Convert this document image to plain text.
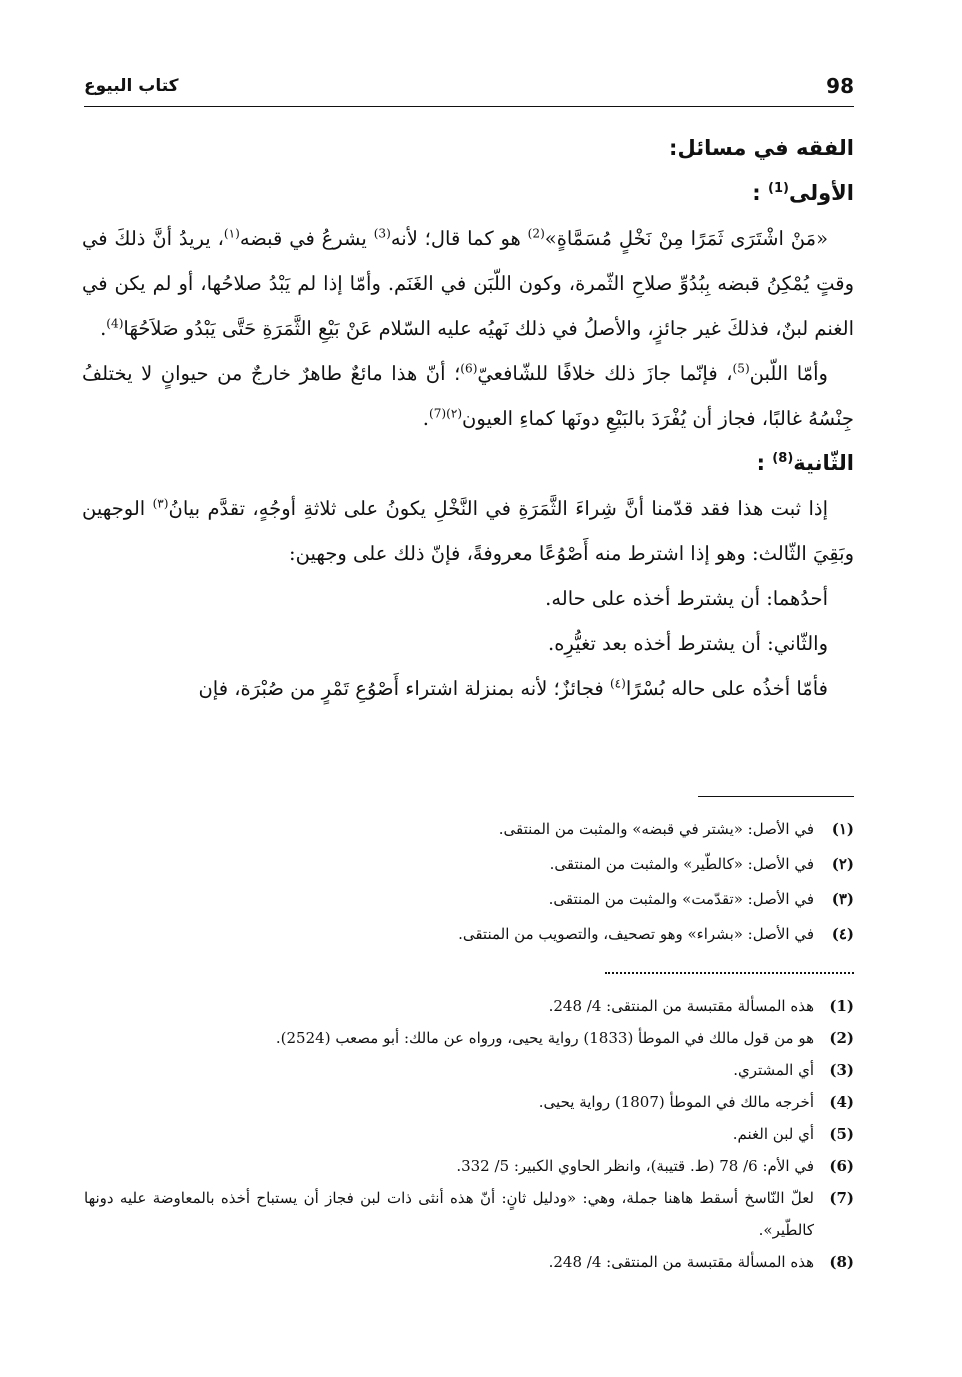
98
كتاب البيوع

الفقه في مسائل:

الأولى$^{(1)}$ :

«مَنْ اشْتَرَى ثَمَرًا مِنْ نَخْلٍ مُسَمَّاةٍ»$^{(2)}$ هو كما قال؛ لأنه$^{(3)}$ يشرعُ في قبضه$^{(١)}$، يريدُ أنَّ ذلكَ في وقتٍ يُمْكِنُ قبضه بِبُدُوِّ صلاحِ الثّمرة، وكون اللّبَن في الغَنَم. وأمّا إذا لم يَبْدُ صلاحُها، أو لم يكن في الغنم لبنٌ، فذلكَ غير جائزٍ، والأصلُ في ذلك نَهيُه عليه السّلام عَنْ بَيْعِ الثَّمَرَةِ حَتَّى يَبْدُو صَلاَحُهَا$^{(4)}$.

وأمّا اللّبن$^{(5)}$، فإنّما جازَ ذلك خلافًا للشّافعيّ$^{(6)}$؛ أنّ هذا مائعٌ طاهرٌ خارجٌ من حيوانٍ لا يختلفُ جِنْسُهُ غالبًا، فجاز أن يُفْرَدَ بالبَيْعِ دونَها كماءِ العيون$^{(٢)(7)}$.

الثّانية$^{(8)}$ :

إذا ثبت هذا فقد قدّمنا أنَّ شِراءَ الثَّمَرَةِ في النَّخْلِ يكونُ على ثلاثةِ أوجُهٍ، تقدَّم بيانُ$^{(٣)}$ الوجهين وبَقِيَ الثّالث: وهو إذا اشترط منه أَصْوُعًا معروفةً، فإنّ ذلك على وجهين:

أحدُهما: أن يشترط أخذه على حاله.

والثّاني: أن يشترط أخذه بعد تغيُّرِه.

فأمّا أخذُه على حاله بُسْرًا$^{(٤)}$ فجائزٌ؛ لأنه بمنزلة اشتراء أَصْوُعِ تَمْرٍ من صُبْرَة، فإن

(١)
في الأصل: «يشتر في قبضه» والمثبت من المنتقى.
(٢)
في الأصل: «كالطّير» والمثبت من المنتقى.
(٣)
في الأصل: «تقدّمت» والمثبت من المنتقى.
(٤)
في الأصل: «بشراء» وهو تصحيف، والتصويب من المنتقى.
(1)
هذه المسألة مقتبسة من المنتقى: 4/ 248.
(2)
هو من قول مالك في الموطأ (1833) رواية يحيى، ورواه عن مالك: أبو مصعب (2524).
(3)
أي المشتري.
(4)
أخرجه مالك في الموطأ (1807) رواية يحيى.
(5)
أي لبن الغنم.
(6)
في الأم: 6/ 78 (ط. قتيبة)، وانظر الحاوي الكبير: 5/ 332.
(7)
لعلّ النّاسخ أسقط هاهنا جملة، وهي: «ودليل ثانٍ: أنّ هذه أنثى ذات لبن فجاز أن يستباح أخذه بالمعاوضة عليه دونها كالطّير».
(8)
هذه المسألة مقتبسة من المنتقى: 4/ 248.
